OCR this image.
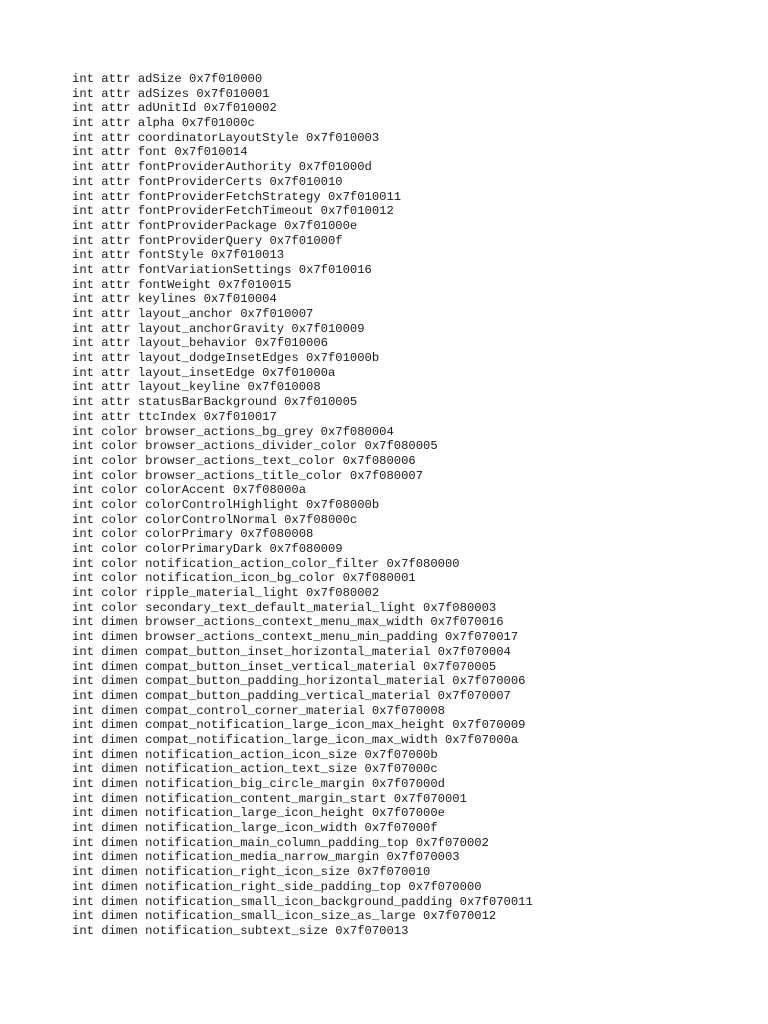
int attr adSize 0x7f010000
int attr adSizes 0x7f010001
int attr adUnitId 0x7f010002
int attr alpha 0x7f01000c
int attr coordinatorLayoutStyle 0x7f010003
int attr font 0x7f010014
int attr fontProviderAuthority 0x7f01000d
int attr fontProviderCerts 0x7f010010
int attr fontProviderFetchStrategy 0x7f010011
int attr fontProviderFetchTimeout 0x7f010012
int attr fontProviderPackage 0x7f01000e
int attr fontProviderQuery 0x7f01000f
int attr fontStyle 0x7f010013
int attr fontVariationSettings 0x7f010016
int attr fontWeight 0x7f010015
int attr keylines 0x7f010004
int attr layout_anchor 0x7f010007
int attr layout_anchorGravity 0x7f010009
int attr layout_behavior 0x7f010006
int attr layout_dodgeInsetEdges 0x7f01000b
int attr layout_insetEdge 0x7f01000a
int attr layout_keyline 0x7f010008
int attr statusBarBackground 0x7f010005
int attr ttcIndex 0x7f010017
int color browser_actions_bg_grey 0x7f080004
int color browser_actions_divider_color 0x7f080005
int color browser_actions_text_color 0x7f080006
int color browser_actions_title_color 0x7f080007
int color colorAccent 0x7f08000a
int color colorControlHighlight 0x7f08000b
int color colorControlNormal 0x7f08000c
int color colorPrimary 0x7f080008
int color colorPrimaryDark 0x7f080009
int color notification_action_color_filter 0x7f080000
int color notification_icon_bg_color 0x7f080001
int color ripple_material_light 0x7f080002
int color secondary_text_default_material_light 0x7f080003
int dimen browser_actions_context_menu_max_width 0x7f070016
int dimen browser_actions_context_menu_min_padding 0x7f070017
int dimen compat_button_inset_horizontal_material 0x7f070004
int dimen compat_button_inset_vertical_material 0x7f070005
int dimen compat_button_padding_horizontal_material 0x7f070006
int dimen compat_button_padding_vertical_material 0x7f070007
int dimen compat_control_corner_material 0x7f070008
int dimen compat_notification_large_icon_max_height 0x7f070009
int dimen compat_notification_large_icon_max_width 0x7f07000a
int dimen notification_action_icon_size 0x7f07000b
int dimen notification_action_text_size 0x7f07000c
int dimen notification_big_circle_margin 0x7f07000d
int dimen notification_content_margin_start 0x7f070001
int dimen notification_large_icon_height 0x7f07000e
int dimen notification_large_icon_width 0x7f07000f
int dimen notification_main_column_padding_top 0x7f070002
int dimen notification_media_narrow_margin 0x7f070003
int dimen notification_right_icon_size 0x7f070010
int dimen notification_right_side_padding_top 0x7f070000
int dimen notification_small_icon_background_padding 0x7f070011
int dimen notification_small_icon_size_as_large 0x7f070012
int dimen notification_subtext_size 0x7f070013
